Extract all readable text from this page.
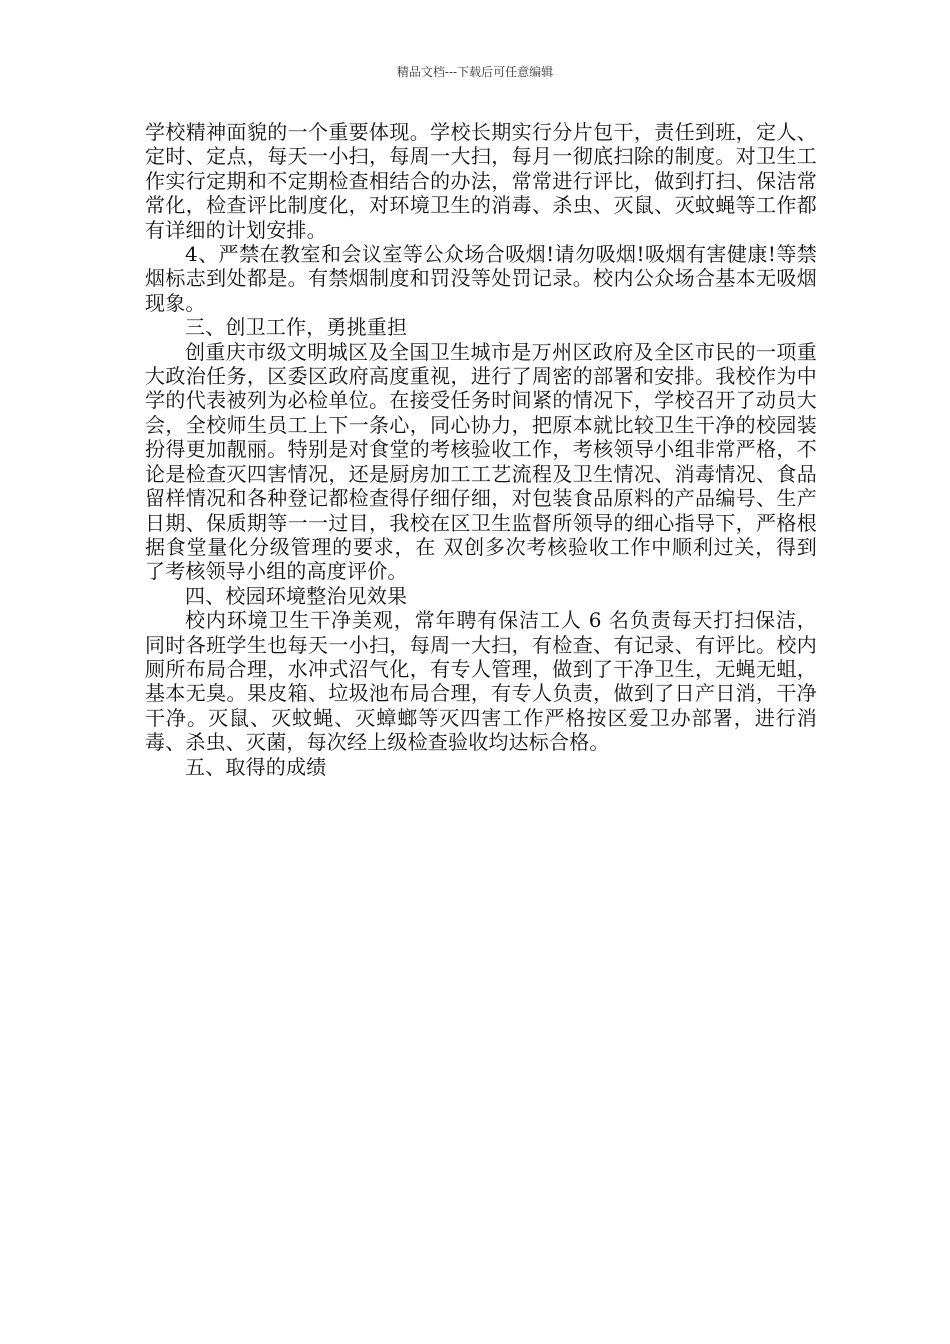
精品文档---下载后可任意编辑

学校精神面貌的一个重要体现。学校长期实行分片包干，责任到班，定人、定时、定点，每天一小扫，每周一大扫，每月一彻底扫除的制度。对卫生工作实行定期和不定期检查相结合的办法，常常进行评比，做到打扫、保洁常常化，检查评比制度化，对环境卫生的消毒、杀虫、灭鼠、灭蚊蝇等工作都有详细的计划安排。

4、严禁在教室和会议室等公众场合吸烟!请勿吸烟!吸烟有害健康!等禁烟标志到处都是。有禁烟制度和罚没等处罚记录。校内公众场合基本无吸烟现象。

三、创卫工作，勇挑重担

创重庆市级文明城区及全国卫生城市是万州区政府及全区市民的一项重大政治任务，区委区政府高度重视，进行了周密的部署和安排。我校作为中学的代表被列为必检单位。在接受任务时间紧的情况下，学校召开了动员大会，全校师生员工上下一条心，同心协力，把原本就比较卫生干净的校园装扮得更加靓丽。特别是对食堂的考核验收工作，考核领导小组非常严格，不论是检查灭四害情况，还是厨房加工工艺流程及卫生情况、消毒情况、食品留样情况和各种登记都检查得仔细仔细，对包装食品原料的产品编号、生产日期、保质期等一一过目，我校在区卫生监督所领导的细心指导下，严格根据食堂量化分级管理的要求，在 双创多次考核验收工作中顺利过关，得到了考核领导小组的高度评价。

四、校园环境整治见效果

校内环境卫生干净美观，常年聘有保洁工人 6 名负责每天打扫保洁，同时各班学生也每天一小扫，每周一大扫，有检查、有记录、有评比。校内厕所布局合理，水冲式沼气化，有专人管理，做到了干净卫生，无蝇无蛆，基本无臭。果皮箱、垃圾池布局合理，有专人负责，做到了日产日消，干净干净。灭鼠、灭蚊蝇、灭蟑螂等灭四害工作严格按区爱卫办部署，进行消毒、杀虫、灭菌，每次经上级检查验收均达标合格。

五、取得的成绩
